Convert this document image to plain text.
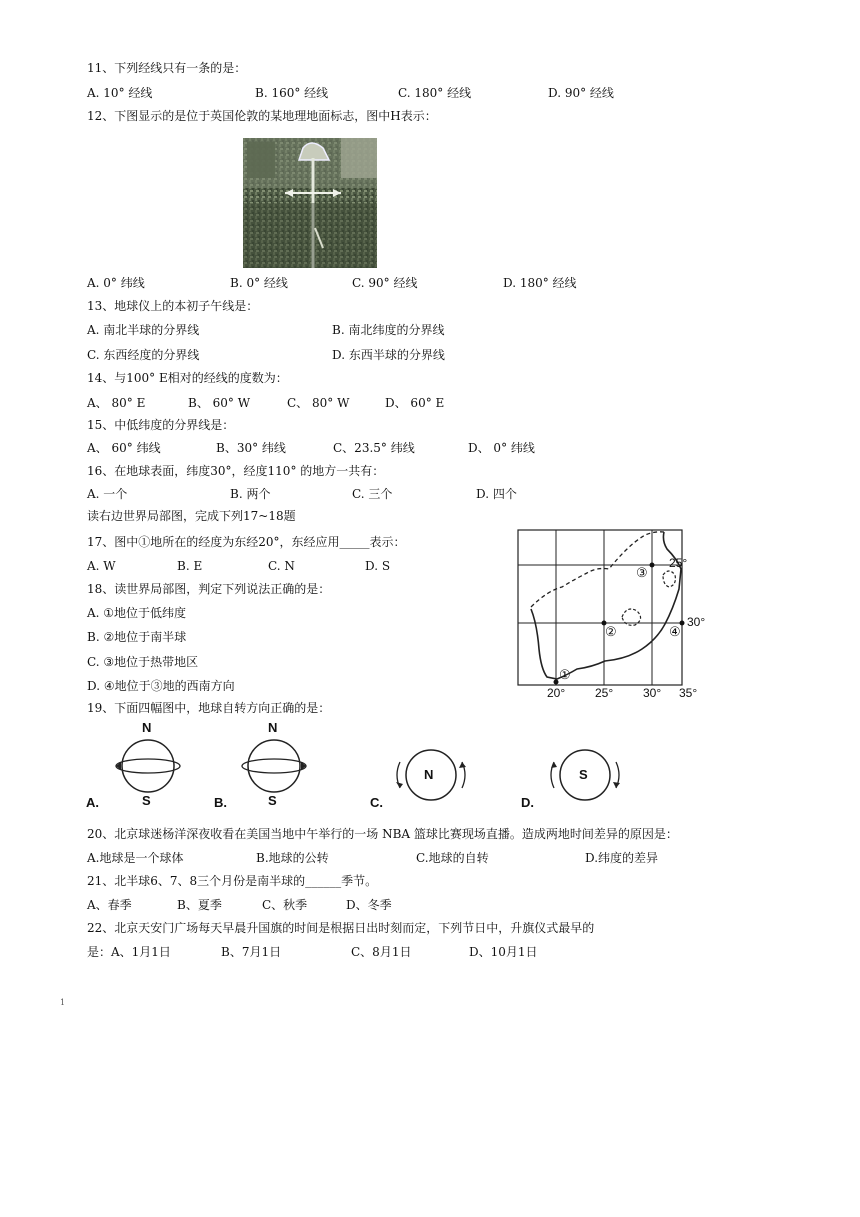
11、下列经线只有一条的是：
A. 10° 经线	B. 160° 经线	C. 180° 经线	D. 90° 经线
12、下图显示的是位于英国伦敦的某地理地面标志，图中H表示：
A. 0° 纬线	B. 0° 经线	C. 90° 经线	D. 180° 经线
13、地球仪上的本初子午线是：
A. 南北半球的分界线	B. 南北纬度的分界线
C. 东西经度的分界线	D. 东西半球的分界线
14、与100° E相对的经线的度数为：
A、 80° E	B、 60° W	C、 80° W	D、 60° E
15、中低纬度的分界线是：
A、 60° 纬线	B、30° 纬线	C、23.5° 纬线	D、 0° 纬线
16、在地球表面，纬度30°，经度110° 的地方一共有：
A. 一个	B. 两个	C. 三个	D. 四个
读右边世界局部图，完成下列17~18题
17、图中①地所在的经度为东经20°，东经应用_____表示：
A. W	B. E	C. N	D. S
18、读世界局部图，判定下列说法正确的是：
A. ①地位于低纬度
B. ②地位于南半球
C. ③地位于热带地区
D. ④地位于③地的西南方向
25°
30°
20° 25° 30° 35°
①
②
③
④
19、下面四幅图中，地球自转方向正确的是：
N
S
A.
N
S
B.
N
C.
S
D.
20、北京球迷杨洋深夜收看在美国当地中午举行的一场 NBA 篮球比赛现场直播。造成两地时间差异的原因是：
A.地球是一个球体	B.地球的公转	C.地球的自转	D.纬度的差异
21、北半球6、7、8三个月份是南半球的______季节。
A、春季	B、夏季	C、秋季	D、冬季
22、北京天安门广场每天早晨升国旗的时间是根据日出时刻而定，下列节日中，升旗仪式最早的
是： A、1月1日	B、7月1日	C、8月1日	D、10月1日
1
